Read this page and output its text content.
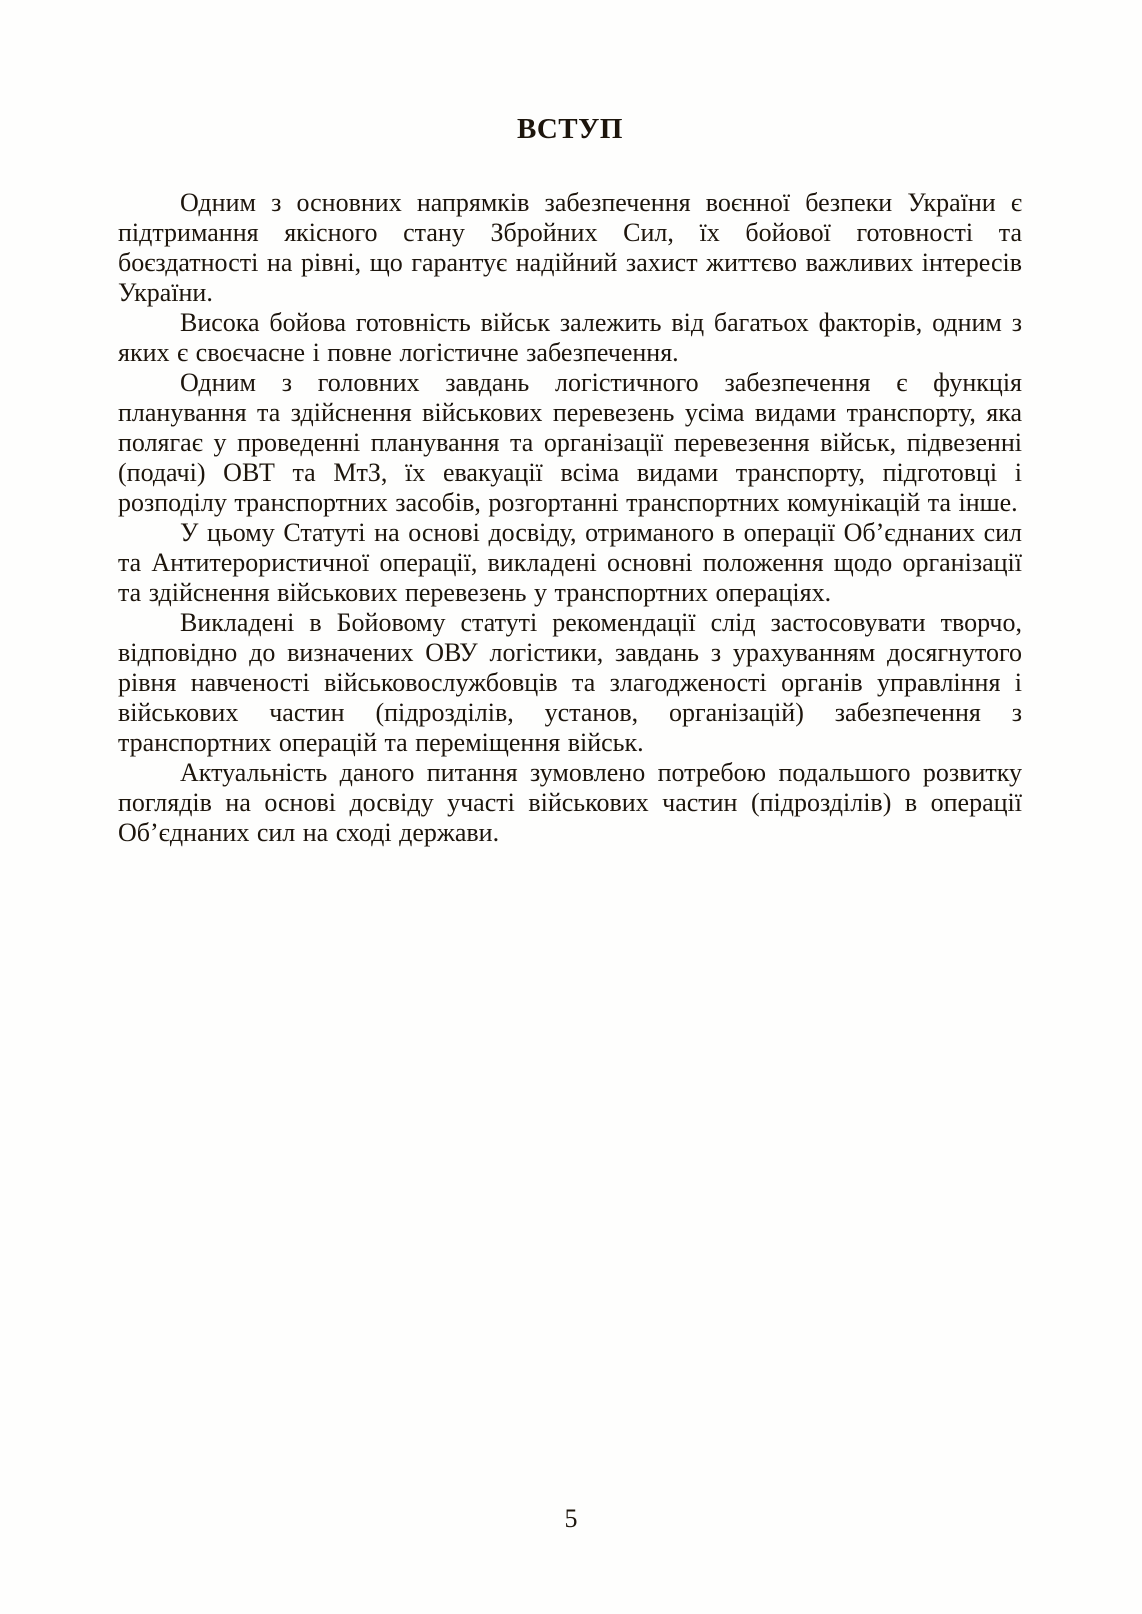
ВСТУП

Одним з основних напрямків забезпечення воєнної безпеки України є підтримання якісного стану Збройних Сил, їх бойової готовності та боєздатності на рівні, що гарантує надійний захист життєво важливих інтересів України.

Висока бойова готовність військ залежить від багатьох факторів, одним з яких є своєчасне і повне логістичне забезпечення.

Одним з головних завдань логістичного забезпечення є функція планування та здійснення військових перевезень усіма видами транспорту, яка полягає у проведенні планування та організації перевезення військ, підвезенні (подачі) ОВТ та МтЗ, їх евакуації всіма видами транспорту, підготовці і розподілу транспортних засобів, розгортанні транспортних комунікацій та інше.

У цьому Статуті на основі досвіду, отриманого в операції Об’єднаних сил та Антитерористичної операції, викладені основні положення щодо організації та здійснення військових перевезень у транспортних операціях.

Викладені в Бойовому статуті рекомендації слід застосовувати творчо, відповідно до визначених ОВУ логістики, завдань з урахуванням досягнутого рівня навченості військовослужбовців та злагодженості органів управління і військових частин (підрозділів, установ, організацій) забезпечення з транспортних операцій та переміщення військ.

Актуальність даного питання зумовлено потребою подальшого розвитку поглядів на основі досвіду участі військових частин (підрозділів) в операції Об’єднаних сил на сході держави.

5
